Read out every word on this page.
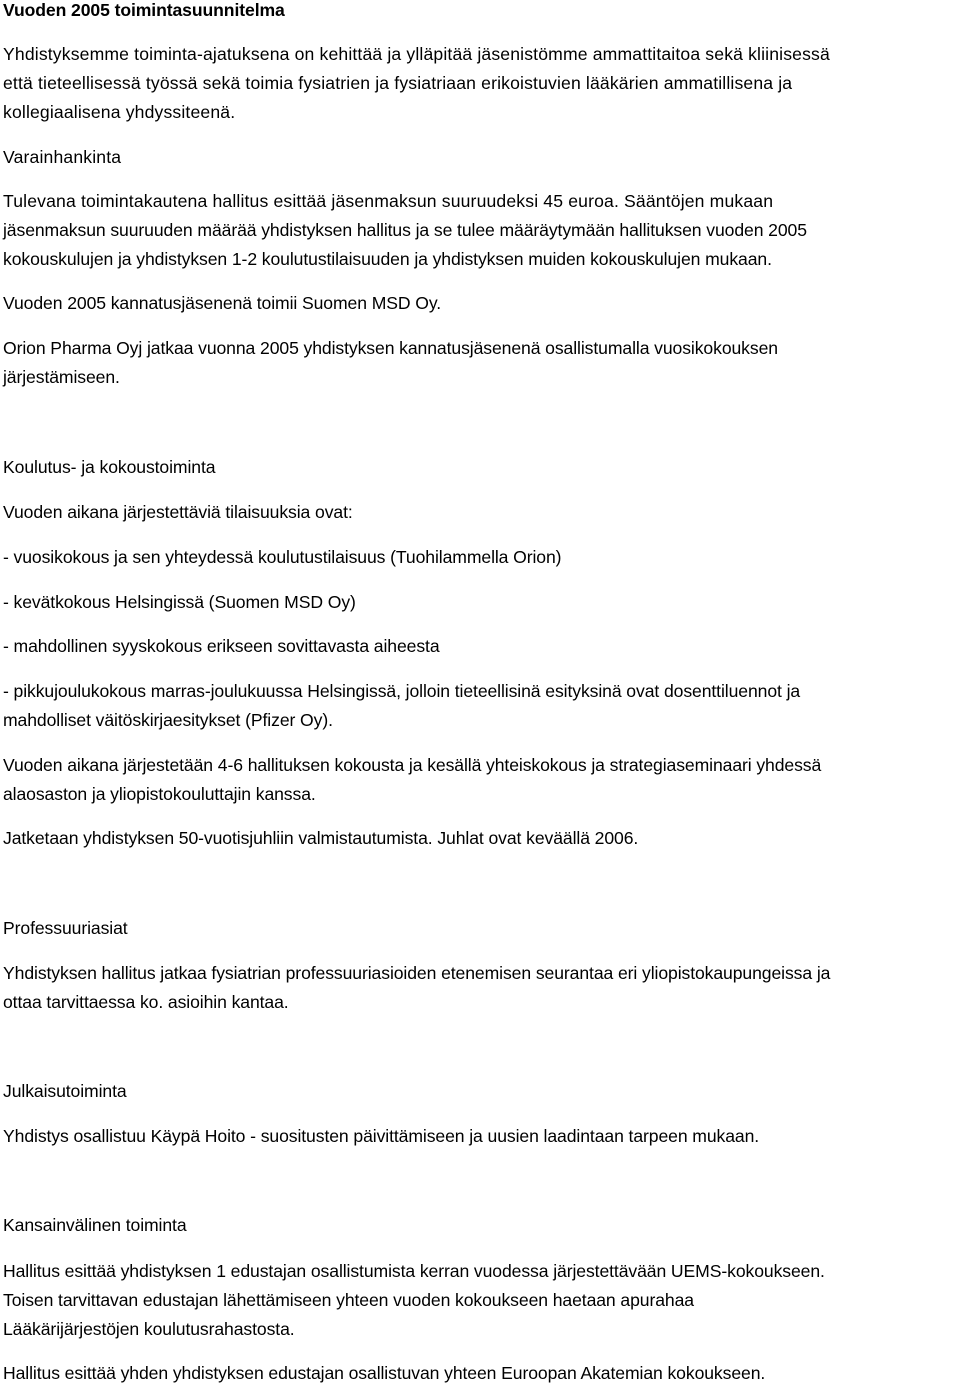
Vuoden 2005 toimintasuunnitelma
Yhdistyksemme toiminta-ajatuksena on kehittää ja ylläpitää jäsenistömme ammattitaitoa sekä kliinisessä
että tieteellisessä työssä sekä toimia fysiatrien ja fysiatriaan erikoistuvien lääkärien ammatillisena ja
kollegiaalisena yhdyssiteenä.
Varainhankinta
Tulevana toimintakautena hallitus esittää jäsenmaksun suuruudeksi 45 euroa. Sääntöjen mukaan
jäsenmaksun suuruuden määrää yhdistyksen hallitus ja se tulee määräytymään hallituksen vuoden 2005
kokouskulujen ja yhdistyksen 1-2 koulutustilaisuuden ja yhdistyksen muiden kokouskulujen mukaan.
Vuoden 2005 kannatusjäsenenä toimii Suomen MSD Oy.
Orion Pharma Oyj jatkaa vuonna 2005 yhdistyksen kannatusjäsenenä osallistumalla vuosikokouksen
järjestämiseen.
Koulutus- ja kokoustoiminta
Vuoden aikana järjestettäviä tilaisuuksia ovat:
- vuosikokous ja sen yhteydessä koulutustilaisuus (Tuohilammella Orion)
- kevätkokous Helsingissä (Suomen MSD Oy)
- mahdollinen syyskokous erikseen sovittavasta aiheesta
- pikkujoulukokous marras-joulukuussa Helsingissä, jolloin tieteellisinä esityksinä ovat dosenttiluennot ja
mahdolliset väitöskirjaesitykset (Pfizer Oy).
Vuoden aikana järjestetään 4-6 hallituksen kokousta ja kesällä yhteiskokous ja strategiaseminaari yhdessä
alaosaston ja yliopistokouluttajin kanssa.
Jatketaan yhdistyksen 50-vuotisjuhliin valmistautumista. Juhlat ovat keväällä 2006.
Professuuriasiat
Yhdistyksen hallitus jatkaa fysiatrian professuuriasioiden etenemisen seurantaa eri yliopistokaupungeissa ja
ottaa tarvittaessa ko. asioihin kantaa.
Julkaisutoiminta
Yhdistys osallistuu Käypä Hoito - suositusten päivittämiseen ja uusien laadintaan tarpeen mukaan.
Kansainvälinen toiminta
Hallitus esittää yhdistyksen 1 edustajan osallistumista kerran vuodessa järjestettävään UEMS-kokoukseen.
Toisen tarvittavan edustajan lähettämiseen yhteen vuoden kokoukseen haetaan apurahaa
Lääkärijärjestöjen koulutusrahastosta.
Hallitus esittää yhden yhdistyksen edustajan osallistuvan yhteen Euroopan Akatemian kokoukseen.
